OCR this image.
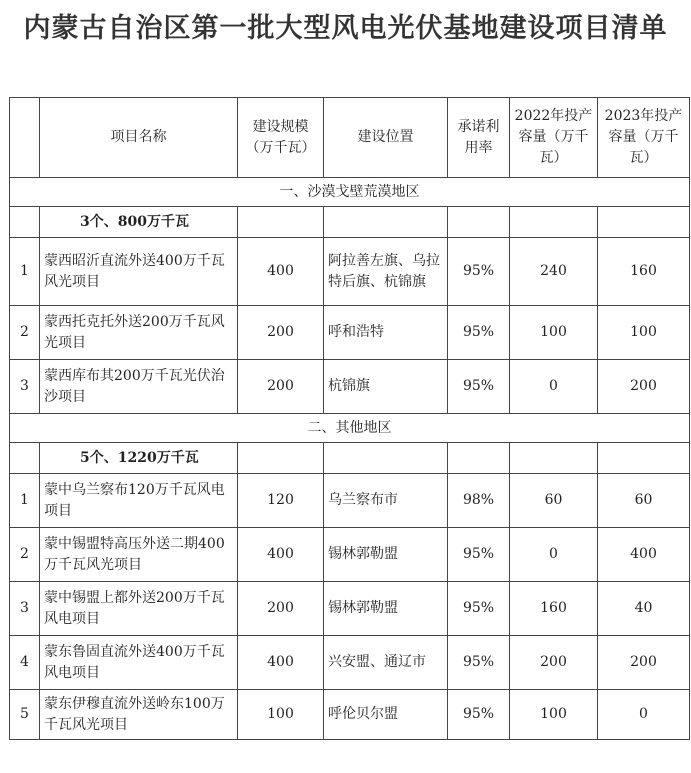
内蒙古自治区第一批大型风电光伏基地建设项目清单
	项目名称	建设规模（万千瓦）	建设位置	承诺利用率	2022年投产容量（万千瓦）	2023年投产容量（万千瓦）
一、沙漠戈壁荒漠地区						
	3个、800万千瓦					
1	蒙西昭沂直流外送400万千瓦风光项目	400	阿拉善左旗、乌拉特后旗、杭锦旗	95%	240	160
2	蒙西托克托外送200万千瓦风光项目	200	呼和浩特	95%	100	100
3	蒙西库布其200万千瓦光伏治沙项目	200	杭锦旗	95%	0	200
二、其他地区						
	5个、1220万千瓦					
1	蒙中乌兰察布120万千瓦风电项目	120	乌兰察布市	98%	60	60
2	蒙中锡盟特高压外送二期400万千瓦风光项目	400	锡林郭勒盟	95%	0	400
3	蒙中锡盟上都外送200万千瓦风电项目	200	锡林郭勒盟	95%	160	40
4	蒙东鲁固直流外送400万千瓦风电项目	400	兴安盟、通辽市	95%	200	200
5	蒙东伊穆直流外送岭东100万千瓦风光项目	100	呼伦贝尔盟	95%	100	0
